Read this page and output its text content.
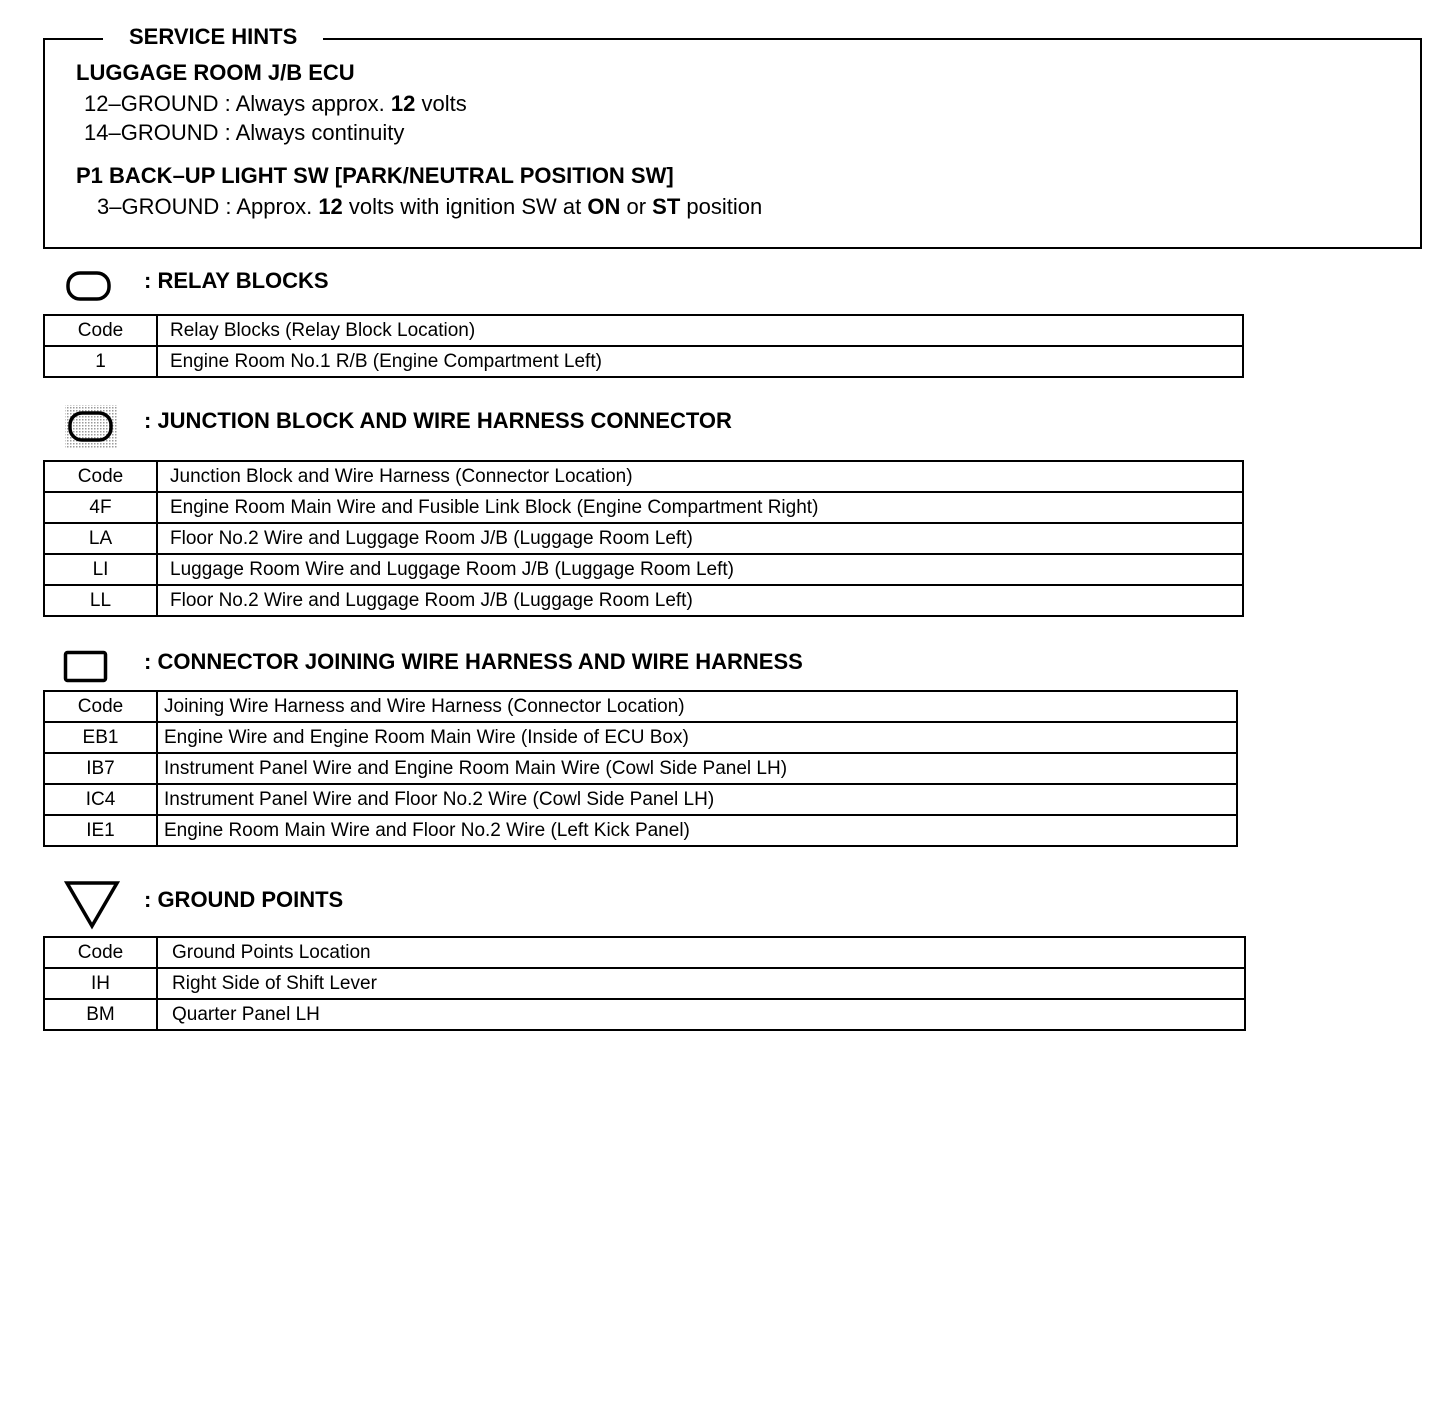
SERVICE HINTS
LUGGAGE ROOM J/B ECU
12–GROUND : Always approx. 12 volts
14–GROUND : Always continuity
P1 BACK–UP LIGHT SW [PARK/NEUTRAL POSITION SW]
3–GROUND : Approx. 12 volts with ignition SW at ON or ST position
: RELAY BLOCKS
Code	Relay Blocks (Relay Block Location)
1	Engine Room No.1 R/B (Engine Compartment Left)
: JUNCTION BLOCK AND WIRE HARNESS CONNECTOR
Code	Junction Block and Wire Harness (Connector Location)
4F	Engine Room Main Wire and Fusible Link Block (Engine Compartment Right)
LA	Floor No.2 Wire and Luggage Room J/B (Luggage Room Left)
LI	Luggage Room Wire and Luggage Room J/B (Luggage Room Left)
LL	Floor No.2 Wire and Luggage Room J/B (Luggage Room Left)
: CONNECTOR JOINING WIRE HARNESS AND WIRE HARNESS
Code	Joining Wire Harness and Wire Harness (Connector Location)
EB1	Engine Wire and Engine Room Main Wire (Inside of ECU Box)
IB7	Instrument Panel Wire and Engine Room Main Wire (Cowl Side Panel LH)
IC4	Instrument Panel Wire and Floor No.2 Wire (Cowl Side Panel LH)
IE1	Engine Room Main Wire and Floor No.2 Wire (Left Kick Panel)
: GROUND POINTS
Code	Ground Points Location
IH	Right Side of Shift Lever
BM	Quarter Panel LH
